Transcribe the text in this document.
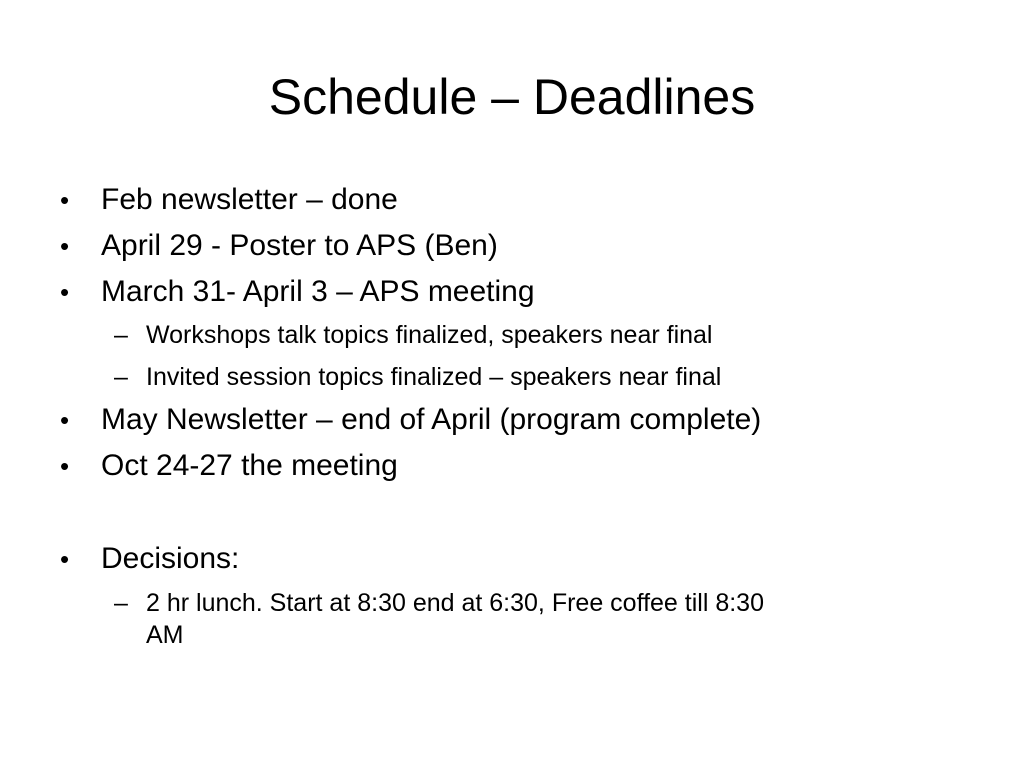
Schedule – Deadlines
• Feb newsletter – done
• April 29 - Poster to APS (Ben)
• March 31- April 3 – APS meeting
– Workshops talk topics finalized, speakers near final
– Invited session topics finalized – speakers near final
• May Newsletter – end of April (program complete)
• Oct 24-27 the meeting
• Decisions:
– 2 hr lunch. Start at 8:30 end at 6:30, Free coffee till 8:30
AM
